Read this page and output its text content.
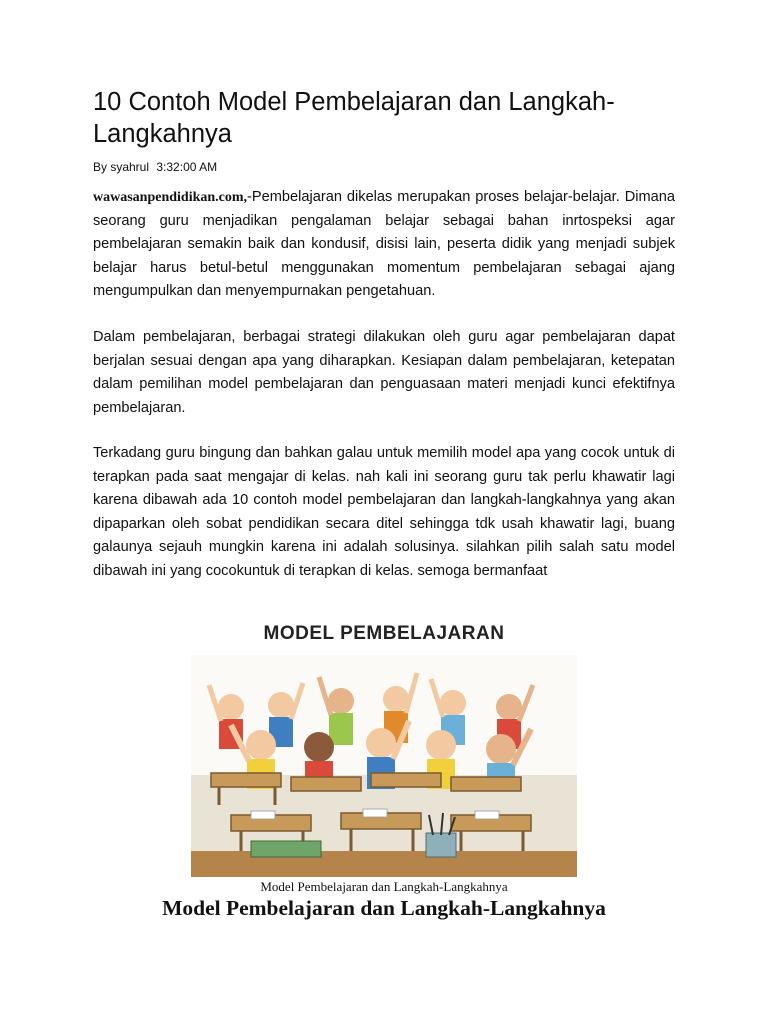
10 Contoh Model Pembelajaran dan Langkah-Langkahnya
By syahrul 3:32:00 AM

wawasanpendidikan.com,-Pembelajaran dikelas merupakan proses belajar-belajar. Dimana seorang guru menjadikan pengalaman belajar sebagai bahan inrtospeksi agar pembelajaran semakin baik dan kondusif, disisi lain, peserta didik yang menjadi subjek belajar harus betul-betul menggunakan momentum pembelajaran sebagai ajang mengumpulkan dan menyempurnakan pengetahuan.

Dalam pembelajaran, berbagai strategi dilakukan oleh guru agar pembelajaran dapat berjalan sesuai dengan apa yang diharapkan. Kesiapan dalam pembelajaran, ketepatan dalam pemilihan model pembelajaran dan penguasaan materi menjadi kunci efektifnya pembelajaran.

Terkadang guru bingung dan bahkan galau untuk memilih model apa yang cocok untuk di terapkan pada saat mengajar di kelas. nah kali ini seorang guru tak perlu khawatir lagi karena dibawah ada 10 contoh model pembelajaran dan langkah-langkahnya yang akan dipaparkan oleh sobat pendidikan secara ditel sehingga tdk usah khawatir lagi, buang galaunya sejauh mungkin karena ini adalah solusinya. silahkan pilih salah satu model dibawah ini yang cocokuntuk di terapkan di kelas. semoga bermanfaat

MODEL PEMBELAJARAN
Model Pembelajaran dan Langkah-Langkahnya
Model Pembelajaran dan Langkah-Langkahnya
